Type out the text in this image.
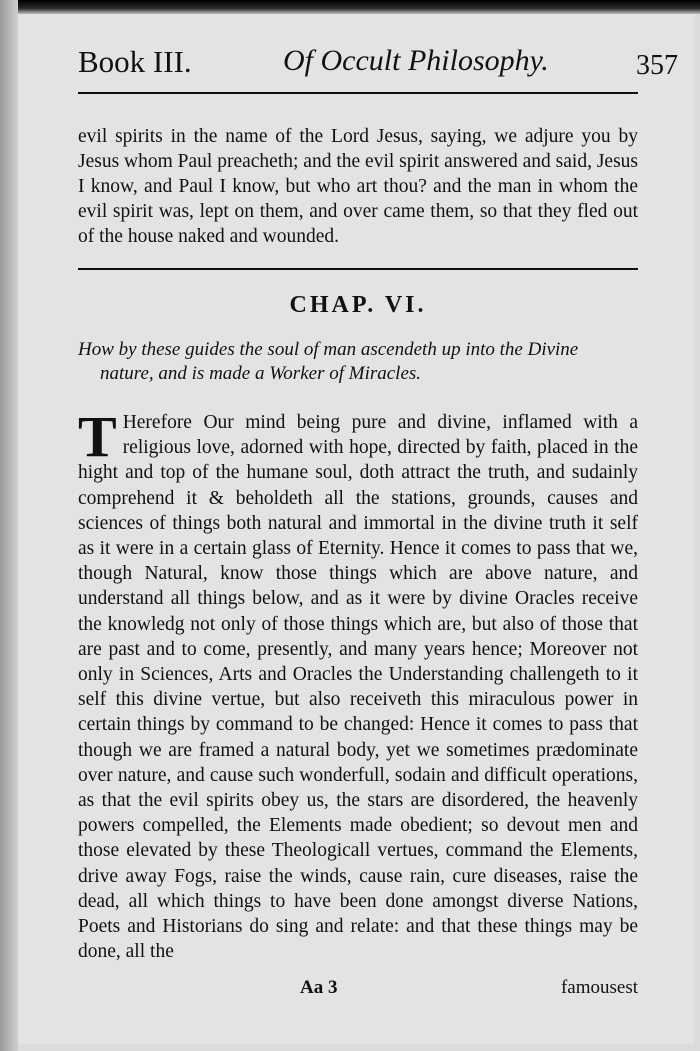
Book III.	Of Occult Philosophy.	357

evil spirits in the name of the Lord Jesus, saying, we adjure you by Jesus whom Paul preacheth; and the evil spirit answered and said, Jesus I know, and Paul I know, but who art thou? and the man in whom the evil spirit was, lept on them, and over came them, so that they fled out of the house naked and wounded.

CHAP. VI.
How by these guides the soul of man ascendeth up into the Divine
nature, and is made a Worker of Miracles.
T Herefore Our mind being pure and divine, inflamed with a religious love, adorned with hope, directed by faith, placed in the hight and top of the humane soul, doth attract the truth, and sudainly comprehend it & beholdeth all the stations, grounds, causes and sciences of things both natural and immortal in the divine truth it self as it were in a certain glass of Eternity. Hence it comes to pass that we, though Natural, know those things which are above nature, and understand all things below, and as it were by divine Oracles receive the knowledg not only of those things which are, but also of those that are past and to come, presently, and many years hence; Moreover not only in Sciences, Arts and Oracles the Understanding challengeth to it self this divine vertue, but also receiveth this miraculous power in certain things by command to be changed: Hence it comes to pass that though we are framed a natural body, yet we sometimes prædominate over nature, and cause such wonderfull, sodain and difficult operations, as that the evil spirits obey us, the stars are disordered, the heavenly powers compelled, the Elements made obedient; so devout men and those elevated by these Theologicall vertues, command the Elements, drive away Fogs, raise the winds, cause rain, cure diseases, raise the dead, all which things to have been done amongst diverse Nations, Poets and Historians do sing and relate: and that these things may be done, all the
Aa 3	famousest
